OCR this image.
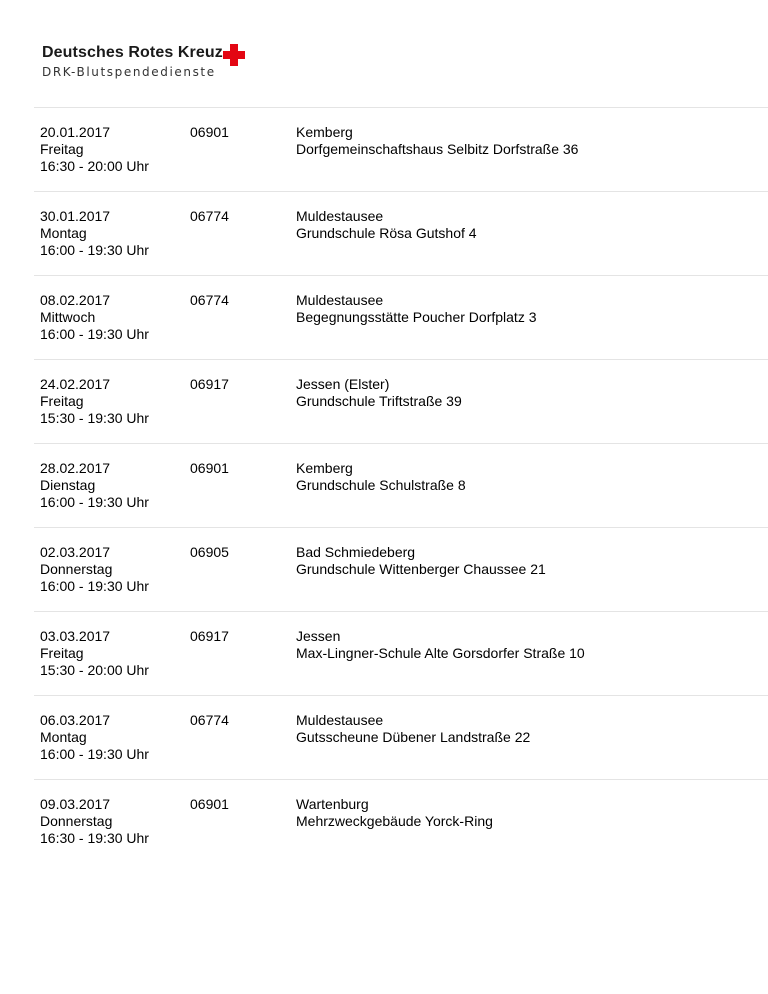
Deutsches Rotes Kreuz
DRK-Blutspendedienste
20.01.2017
Freitag
16:30 - 20:00 Uhr
06901	Kemberg
Dorfgemeinschaftshaus Selbitz Dorfstraße 36
30.01.2017
Montag
16:00 - 19:30 Uhr
06774	Muldestausee
Grundschule Rösa Gutshof 4
08.02.2017
Mittwoch
16:00 - 19:30 Uhr
06774	Muldestausee
Begegnungsstätte Poucher Dorfplatz 3
24.02.2017
Freitag
15:30 - 19:30 Uhr
06917	Jessen (Elster)
Grundschule Triftstraße 39
28.02.2017
Dienstag
16:00 - 19:30 Uhr
06901	Kemberg
Grundschule Schulstraße 8
02.03.2017
Donnerstag
16:00 - 19:30 Uhr
06905	Bad Schmiedeberg
Grundschule Wittenberger Chaussee 21
03.03.2017
Freitag
15:30 - 20:00 Uhr
06917	Jessen
Max-Lingner-Schule Alte Gorsdorfer Straße 10
06.03.2017
Montag
16:00 - 19:30 Uhr
06774	Muldestausee
Gutsscheune Dübener Landstraße 22
09.03.2017
Donnerstag
16:30 - 19:30 Uhr
06901	Wartenburg
Mehrzweckgebäude Yorck-Ring
